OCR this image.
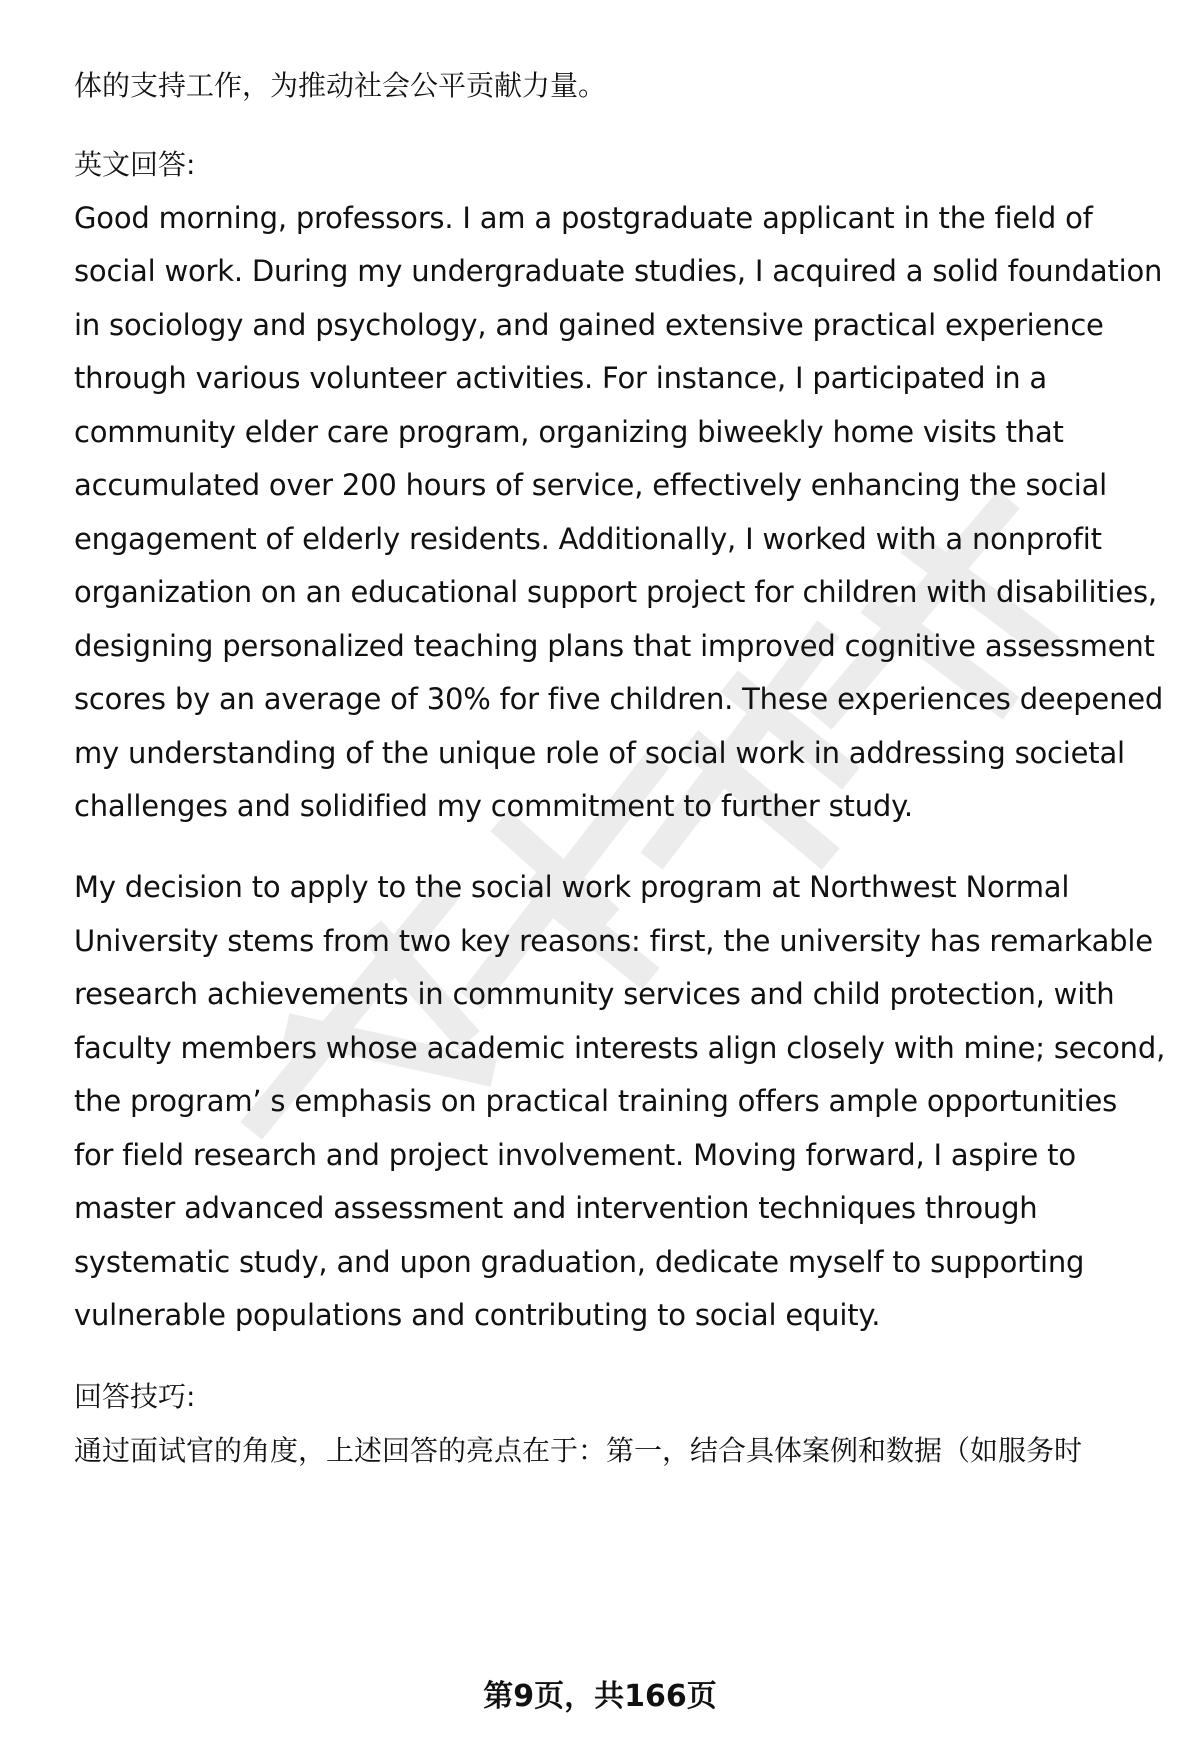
体的支持工作，为推动社会公平贡献力量。
英文回答:
Good morning, professors. I am a postgraduate applicant in the field of
social work. During my undergraduate studies, I acquired a solid foundation
in sociology and psychology, and gained extensive practical experience
through various volunteer activities. For instance, I participated in a
community elder care program, organizing biweekly home visits that
accumulated over 200 hours of service, effectively enhancing the social
engagement of elderly residents. Additionally, I worked with a nonprofit
organization on an educational support project for children with disabilities,
designing personalized teaching plans that improved cognitive assessment
scores by an average of 30% for five children. These experiences deepened
my understanding of the unique role of social work in addressing societal
challenges and solidified my commitment to further study.
My decision to apply to the social work program at Northwest Normal
University stems from two key reasons: first, the university has remarkable
research achievements in community services and child protection, with
faculty members whose academic interests align closely with mine; second,
the program’ s emphasis on practical training offers ample opportunities
for field research and project involvement. Moving forward, I aspire to
master advanced assessment and intervention techniques through
systematic study, and upon graduation, dedicate myself to supporting
vulnerable populations and contributing to social equity.
回答技巧:
通过面试官的角度，上述回答的亮点在于：第一，结合具体案例和数据（如服务时
第9页，共166页
